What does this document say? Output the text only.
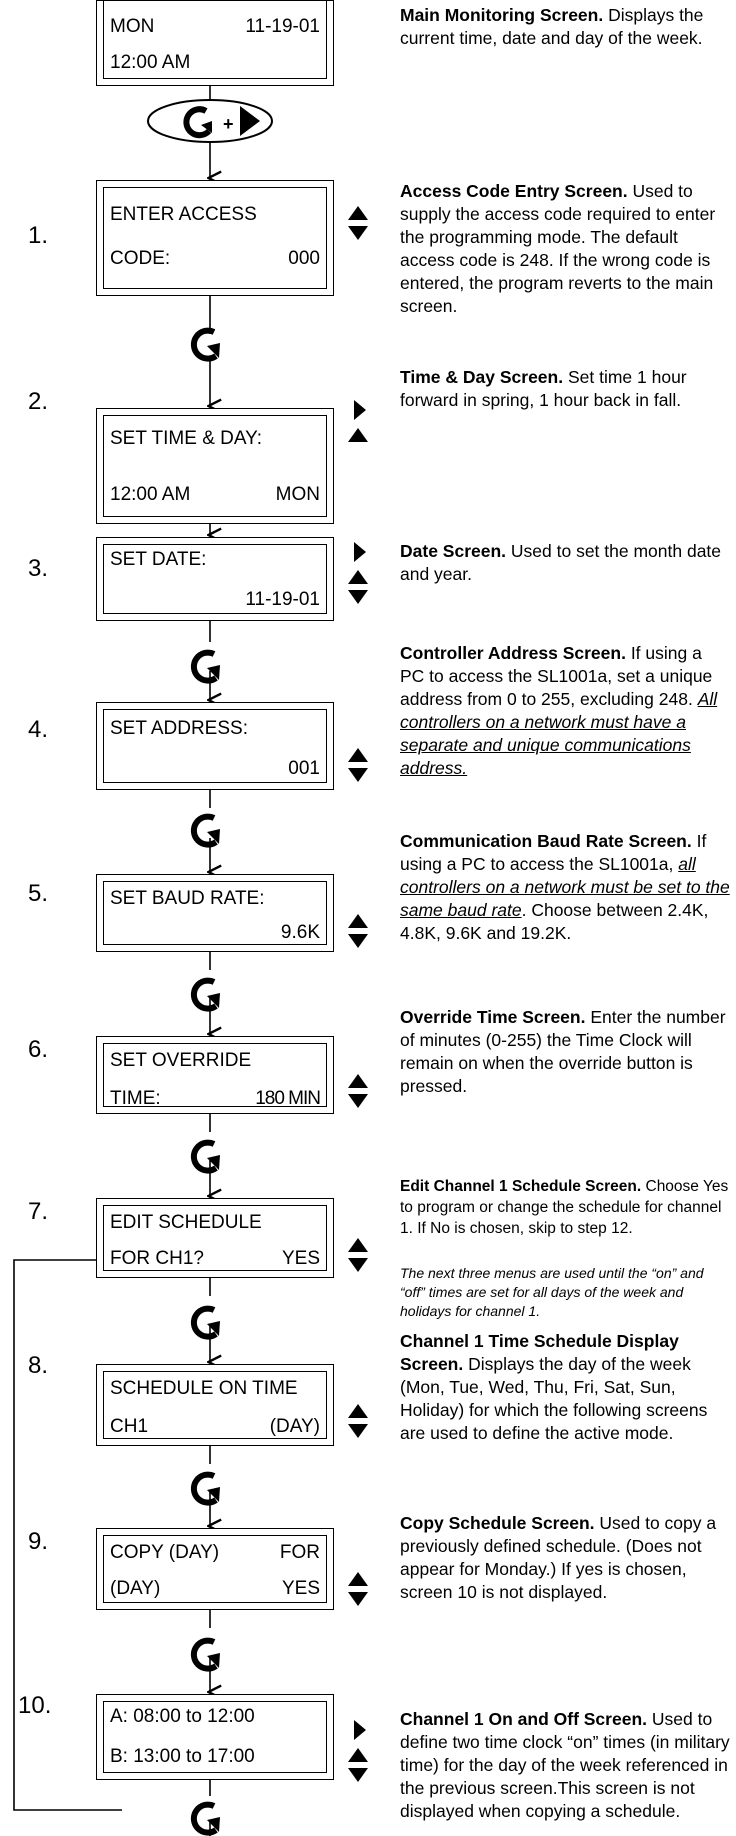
+
MON	11-19-01
12:00 AM
Main Monitoring Screen. Displays the current time, date and day of the week.
1.
ENTER ACCESS
CODE:	000
Access Code Entry Screen. Used to supply the access code required to enter the programming mode. The default access code is 248. If the wrong code is entered, the program reverts to the main screen.
2.
SET TIME & DAY:
12:00 AM	MON
Time & Day Screen. Set time 1 hour forward in spring, 1 hour back in fall.
3.	SET DATE:
11-19-01
Date Screen. Used to set the month date and year.
4.	SET ADDRESS:
001
Controller Address Screen. If using a PC to access the SL1001a, set a unique address from 0 to 255, excluding 248. All controllers on a network must have a separate and unique communications address.
5.	SET BAUD RATE:
9.6K
Communication Baud Rate Screen. If using a PC to access the SL1001a, all controllers on a network must be set to the same baud rate. Choose between 2.4K, 4.8K, 9.6K and 19.2K.
6.	SET OVERRIDE
TIME:	180 MIN
Override Time Screen. Enter the number of minutes (0-255) the Time Clock will remain on when the override button is pressed.
7.	EDIT SCHEDULE
FOR CH1?	YES
Edit Channel 1 Schedule Screen. Choose Yes to program or change the schedule for channel 1. If No is chosen, skip to step 12.
The next three menus are used until the “on” and “off” times are set for all days of the week and holidays for channel 1.
8.
SCHEDULE ON TIME
CH1	(DAY)
Channel 1 Time Schedule Display Screen. Displays the day of the week (Mon, Tue, Wed, Thu, Fri, Sat, Sun, Holiday) for which the following screens are used to define the active mode.
9.	COPY (DAY)	FOR
(DAY)	YES
Copy Schedule Screen. Used to copy a previously defined schedule. (Does not appear for Monday.) If yes is chosen, screen 10 is not displayed.
10.	A: 08:00 to 12:00
B: 13:00 to 17:00
Channel 1 On and Off Screen. Used to define two time clock “on” times (in military time) for the day of the week referenced in the previous screen.This screen is not displayed when copying a schedule.
